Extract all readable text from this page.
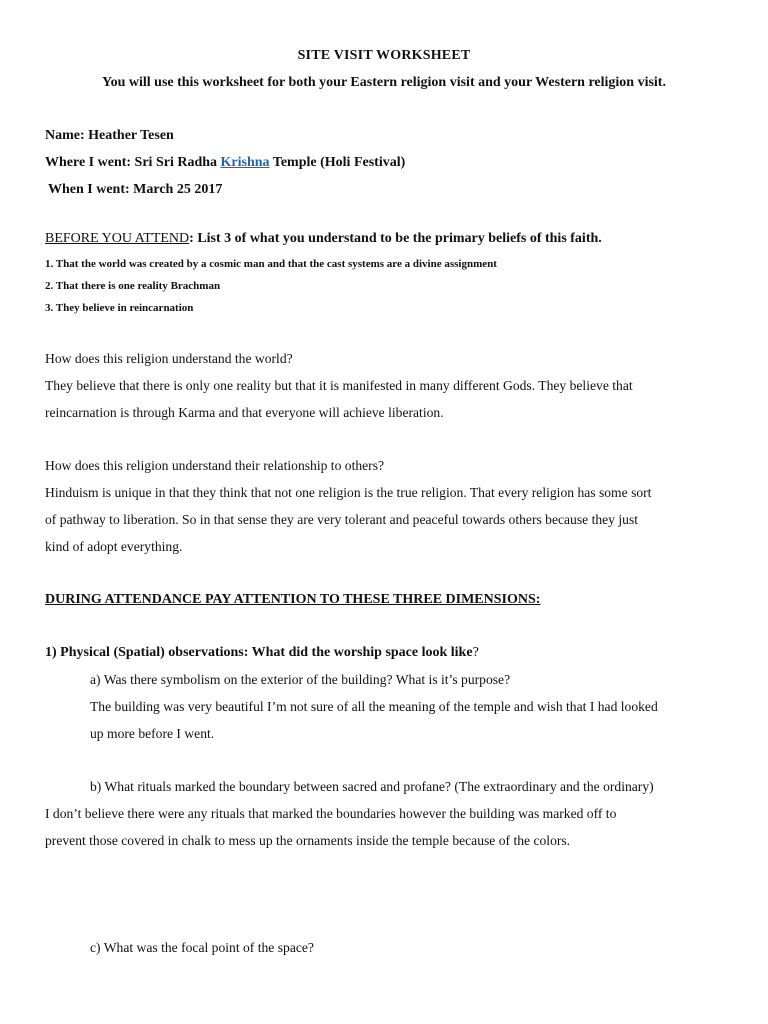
SITE VISIT WORKSHEET
You will use this worksheet for both your Eastern religion visit and your Western religion visit.
Name: Heather Tesen
Where I went: Sri Sri Radha Krishna Temple (Holi Festival)
When I went: March 25 2017
BEFORE YOU ATTEND: List 3 of what you understand to be the primary beliefs of this faith.
1. That the world was created by a cosmic man and that the cast systems are a divine assignment
2. That there is one reality Brachman
3. They believe in reincarnation
How does this religion understand the world?
They believe that there is only one reality but that it is manifested in many different Gods. They believe that
reincarnation is through Karma and that everyone will achieve liberation.
How does this religion understand their relationship to others?
Hinduism is unique in that they think that not one religion is the true religion. That every religion has some sort
of pathway to liberation. So in that sense they are very tolerant and peaceful towards others because they just
kind of adopt everything.
DURING ATTENDANCE PAY ATTENTION TO THESE THREE DIMENSIONS:
1) Physical (Spatial) observations: What did the worship space look like?
a) Was there symbolism on the exterior of the building? What is it’s purpose?
The building was very beautiful I’m not sure of all the meaning of the temple and wish that I had looked
up more before I went.
b) What rituals marked the boundary between sacred and profane? (The extraordinary and the ordinary)
I don’t believe there were any rituals that marked the boundaries however the building was marked off to
prevent those covered in chalk to mess up the ornaments inside the temple because of the colors.
c) What was the focal point of the space?
